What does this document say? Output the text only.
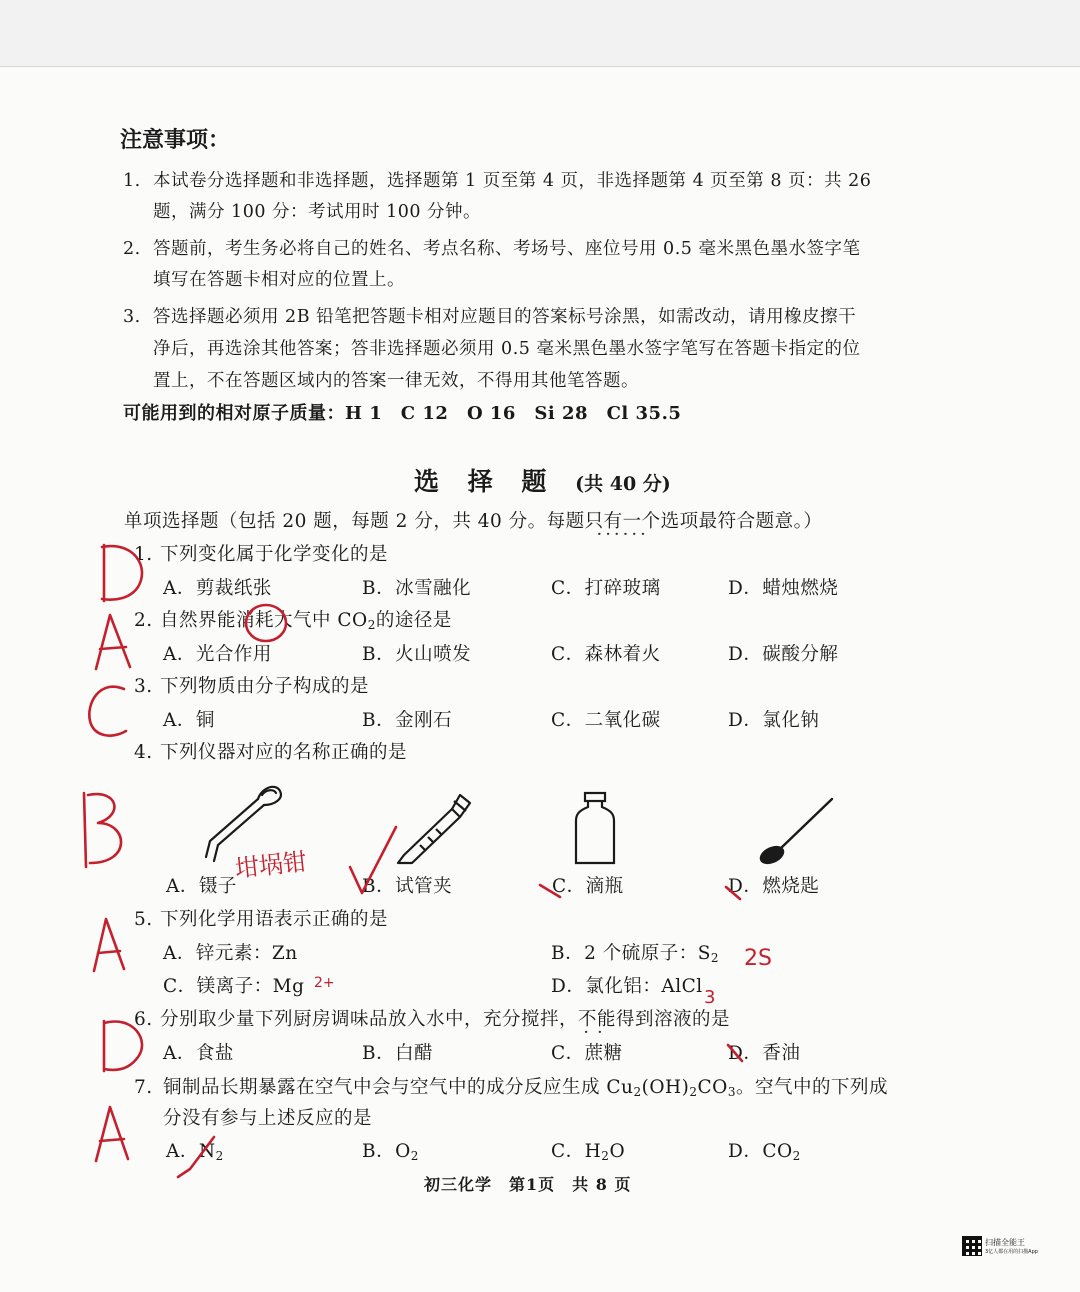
注意事项：
1. 本试卷分选择题和非选择题，选择题第 1 页至第 4 页，非选择题第 4 页至第 8 页：共 26
题，满分 100 分：考试用时 100 分钟。
2. 答题前，考生务必将自己的姓名、考点名称、考场号、座位号用 0.5 毫米黑色墨水签字笔
填写在答题卡相对应的位置上。
3. 答选择题必须用 2B 铅笔把答题卡相对应题目的答案标号涂黑，如需改动，请用橡皮擦干
净后，再选涂其他答案；答非选择题必须用 0.5 毫米黑色墨水签字笔写在答题卡指定的位
置上，不在答题区域内的答案一律无效，不得用其他笔答题。
可能用到的相对原子质量：H 1　C 12　O 16　Si 28　Cl 35.5
选 择 题 (共 40 分)
单项选择题（包括 20 题，每题 2 分，共 40 分。每题只有一个 ······选项最符合题意。）
1. 下列变化属于化学变化的是
A．剪裁纸张	B．冰雪融化	C．打碎玻璃	D．蜡烛燃烧
2. 自然界能消耗大气中 $CO_2$的途径是
A．光合作用	B．火山喷发	C．森林着火	D．碳酸分解
3. 下列物质由分子构成的是
A．铜	B．金刚石	C．二氧化碳	D．氯化钠
4. 下列仪器对应的名称正确的是
A．镊子	B．试管夹	C．滴瓶	D．燃烧匙
5. 下列化学用语表示正确的是
A．锌元素：Zn	B．2 个硫原子：$S_2$
C．镁离子：Mg	D．氯化铝：AlCl
6. 分别取少量下列厨房调味品放入水中，充分搅拌，不能 ··得到溶液的是
A．食盐	B．白醋	C．蔗糖	D．香油
7. 铜制品长期暴露在空气中会与空气中的成分反应生成 $Cu_2(OH)_2CO_3$。空气中的下列成
分没有参与上述反应的是
A．$N_2$	B．$O_2$	C．$H_2O$	D．$CO_2$
初三化学　第1页　共 8 页
坩埚钳
2S
2+
3
扫描全能王
3亿人都在用的扫描App
